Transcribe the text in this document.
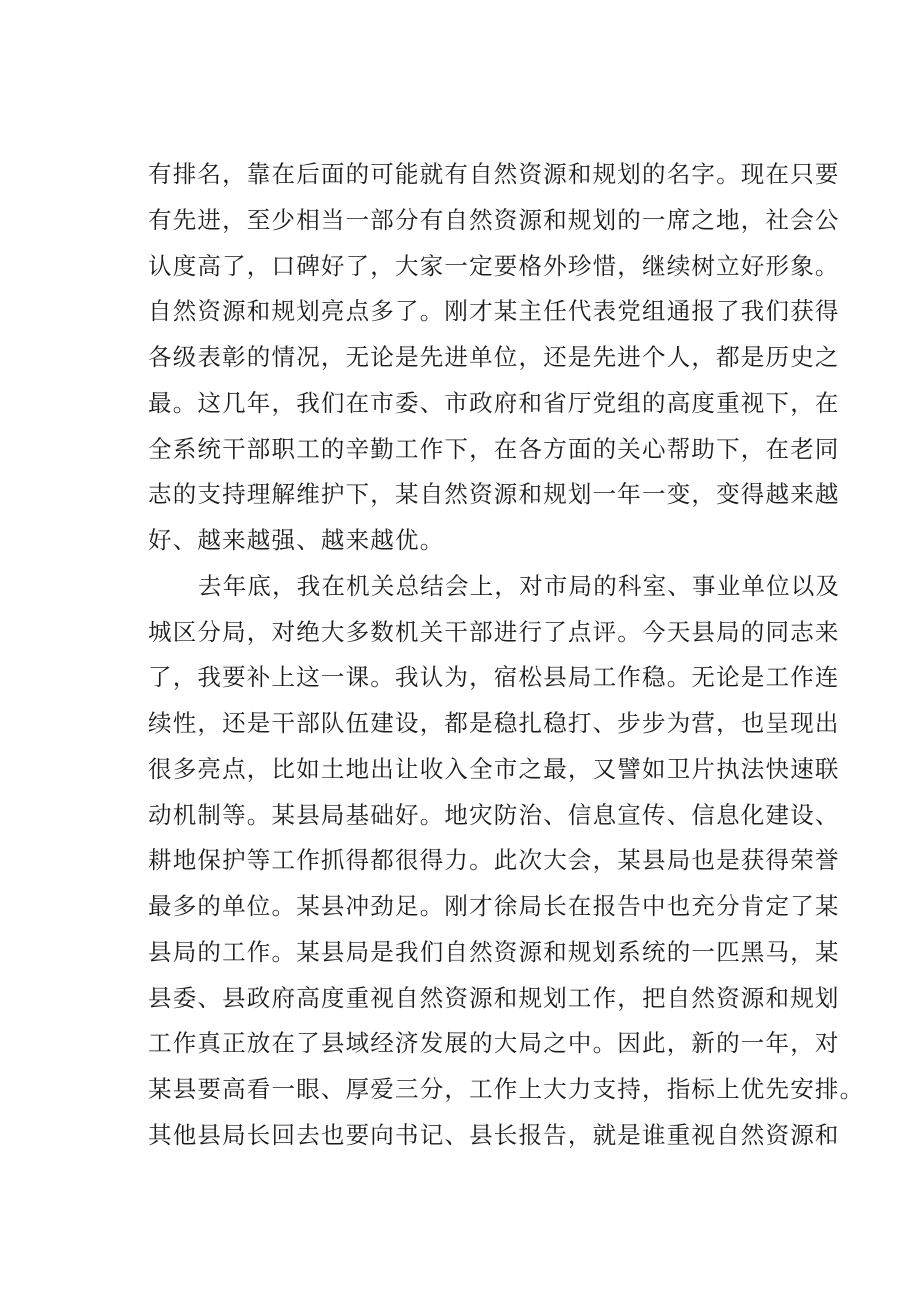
有排名，靠在后面的可能就有自然资源和规划的名字。现在只要
有先进，至少相当一部分有自然资源和规划的一席之地，社会公
认度高了，口碑好了，大家一定要格外珍惜，继续树立好形象。
自然资源和规划亮点多了。刚才某主任代表党组通报了我们获得
各级表彰的情况，无论是先进单位，还是先进个人，都是历史之
最。这几年，我们在市委、市政府和省厅党组的高度重视下，在
全系统干部职工的辛勤工作下，在各方面的关心帮助下，在老同
志的支持理解维护下，某自然资源和规划一年一变，变得越来越
好、越来越强、越来越优。
去年底，我在机关总结会上，对市局的科室、事业单位以及
城区分局，对绝大多数机关干部进行了点评。今天县局的同志来
了，我要补上这一课。我认为，宿松县局工作稳。无论是工作连
续性，还是干部队伍建设，都是稳扎稳打、步步为营，也呈现出
很多亮点，比如土地出让收入全市之最，又譬如卫片执法快速联
动机制等。某县局基础好。地灾防治、信息宣传、信息化建设、
耕地保护等工作抓得都很得力。此次大会，某县局也是获得荣誉
最多的单位。某县冲劲足。刚才徐局长在报告中也充分肯定了某
县局的工作。某县局是我们自然资源和规划系统的一匹黑马，某
县委、县政府高度重视自然资源和规划工作，把自然资源和规划
工作真正放在了县域经济发展的大局之中。因此，新的一年，对
某县要高看一眼、厚爱三分，工作上大力支持，指标上优先安排。
其他县局长回去也要向书记、县长报告，就是谁重视自然资源和
